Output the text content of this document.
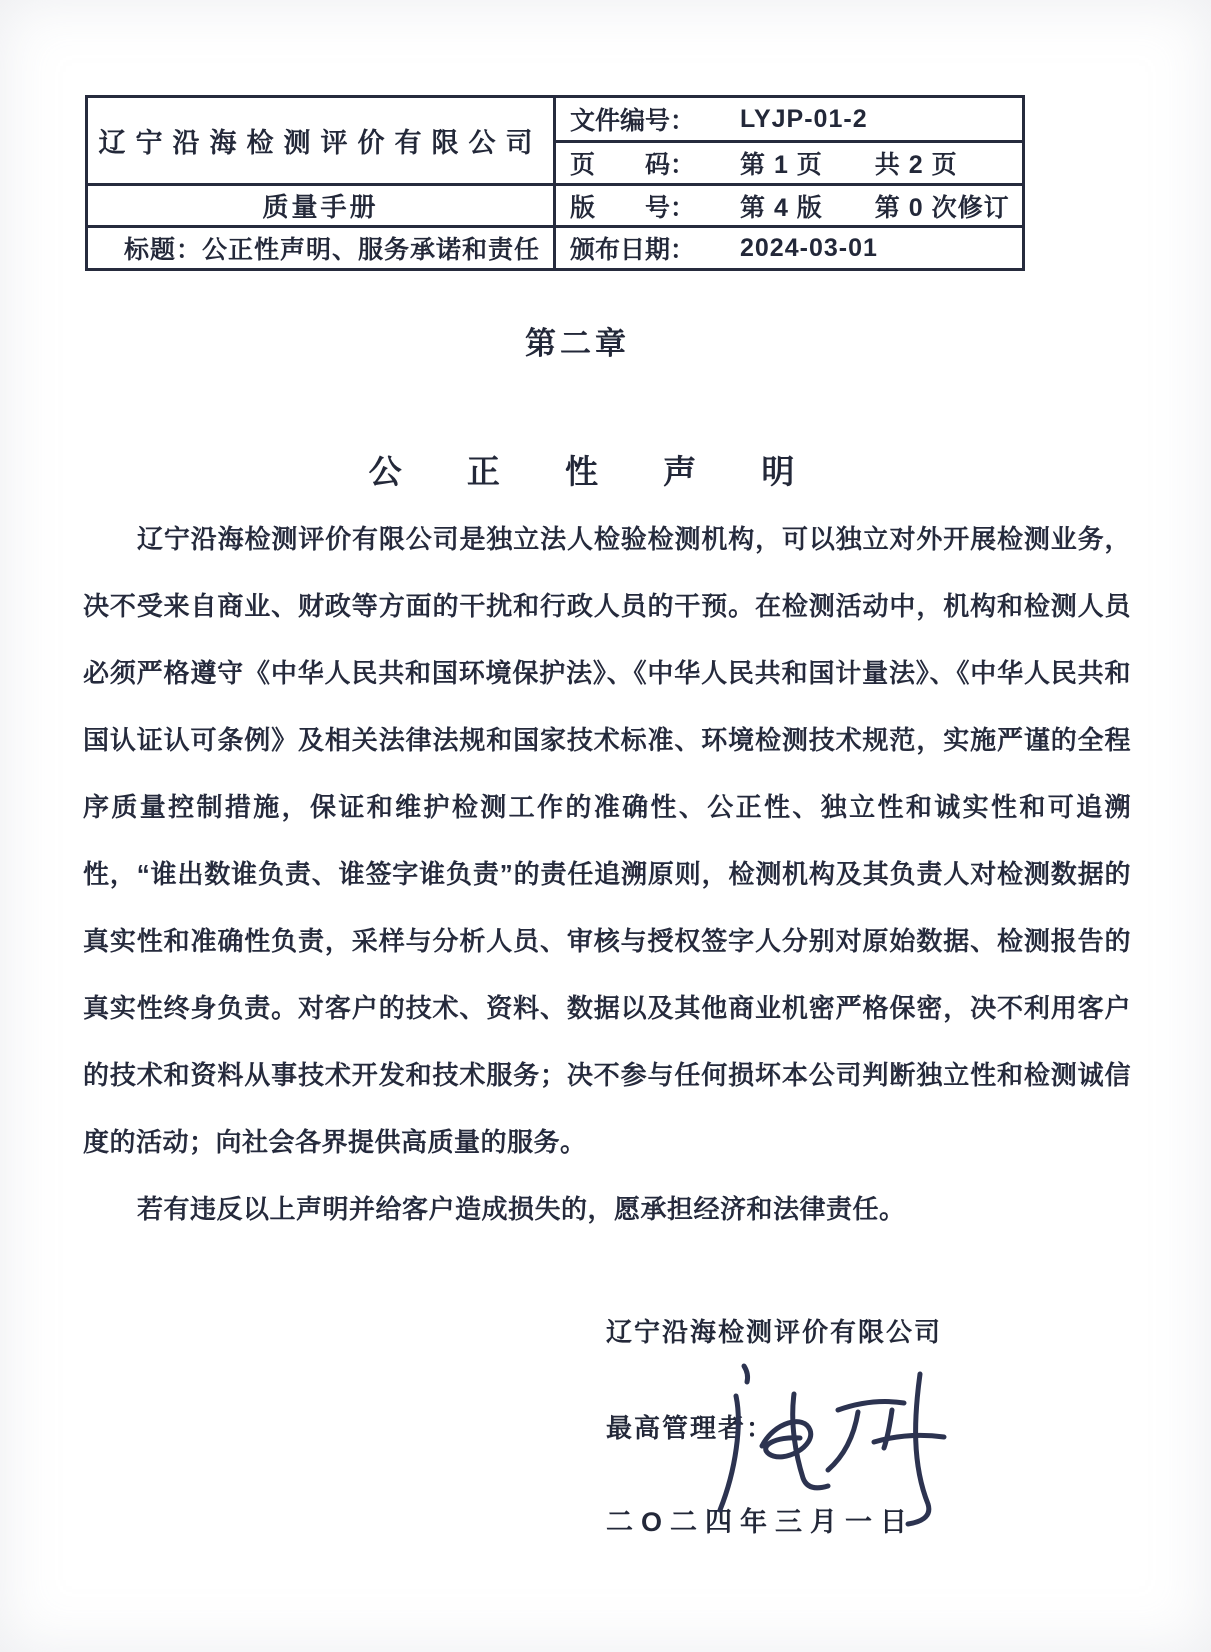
辽宁沿海检测评价有限公司
文件编号：	LYJP-01-2
页　　码：	第 1 页　　共 2 页
质量手册	版　　号：	第 4 版　　第 0 次修订
标题：公正性声明、服务承诺和责任 颁布日期：	2024-03-01
第二章
公 正 性 声 明

辽宁沿海检测评价有限公司是独立法人检验检测机构，可以独立对外开展检测业务，决不受来自商业、财政等方面的干扰和行政人员的干预。在检测活动中，机构和检测人员必须严格遵守《中华人民共和国环境保护法》、《中华人民共和国计量法》、《中华人民共和国认证认可条例》及相关法律法规和国家技术标准、环境检测技术规范，实施严谨的全程序质量控制措施，保证和维护检测工作的准确性、公正性、独立性和诚实性和可追溯性，“谁出数谁负责、谁签字谁负责”的责任追溯原则，检测机构及其负责人对检测数据的真实性和准确性负责，采样与分析人员、审核与授权签字人分别对原始数据、检测报告的真实性终身负责。对客户的技术、资料、数据以及其他商业机密严格保密，决不利用客户的技术和资料从事技术开发和技术服务；决不参与任何损坏本公司判断独立性和检测诚信度的活动；向社会各界提供高质量的服务。

若有违反以上声明并给客户造成损失的，愿承担经济和法律责任。

辽宁沿海检测评价有限公司
最高管理者：
二O二四年三月一日
